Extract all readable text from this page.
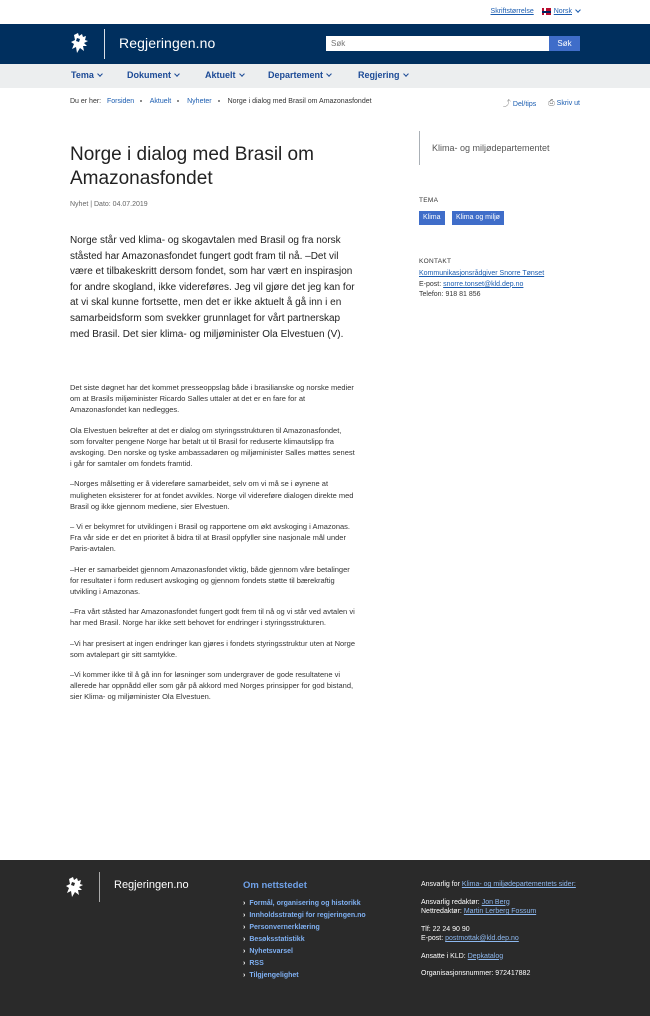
Skriftstørrelse	Norsk
Regjeringen.no
Søk	Søk
Tema	Dokument	Aktuelt	Departement	Regjering
Du er her: Forsiden Aktuelt Nyheter Norge i dialog med Brasil om Amazonasfondet	⤴ Del/tips ⎙ Skriv ut
Norge i dialog med Brasil om Amazonasfondet
Nyhet | Dato: 04.07.2019
Norge står ved klima- og skogavtalen med Brasil og fra norsk ståsted har Amazonasfondet fungert godt fram til nå. –Det vil være et tilbakeskritt dersom fondet, som har vært en inspirasjon for andre skogland, ikke videreføres. Jeg vil gjøre det jeg kan for at vi skal kunne fortsette, men det er ikke aktuelt å gå inn i en samarbeidsform som svekker grunnlaget for vårt partnerskap med Brasil. Det sier klima- og miljøminister Ola Elvestuen (V).

Det siste døgnet har det kommet presseoppslag både i brasilianske og norske medier om at Brasils miljøminister Ricardo Salles uttaler at det er en fare for at Amazonasfondet kan nedlegges.

Ola Elvestuen bekrefter at det er dialog om styringsstrukturen til Amazonasfondet, som forvalter pengene Norge har betalt ut til Brasil for reduserte klimautslipp fra avskoging. Den norske og tyske ambassadøren og miljøminister Salles møttes senest i går for samtaler om fondets framtid.

–Norges målsetting er å videreføre samarbeidet, selv om vi må se i øynene at muligheten eksisterer for at fondet avvikles. Norge vil videreføre dialogen direkte med Brasil og ikke gjennom mediene, sier Elvestuen.

– Vi er bekymret for utviklingen i Brasil og rapportene om økt avskoging i Amazonas. Fra vår side er det en prioritet å bidra til at Brasil oppfyller sine nasjonale mål under Paris-avtalen.

–Her er samarbeidet gjennom Amazonasfondet viktig, både gjennom våre betalinger for resultater i form redusert avskoging og gjennom fondets støtte til bærekraftig utvikling i Amazonas.

–Fra vårt ståsted har Amazonasfondet fungert godt frem til nå og vi står ved avtalen vi har med Brasil. Norge har ikke sett behovet for endringer i styringsstrukturen.

–Vi har presisert at ingen endringer kan gjøres i fondets styringsstruktur uten at Norge som avtalepart gir sitt samtykke.

–Vi kommer ikke til å gå inn for løsninger som undergraver de gode resultatene vi allerede har oppnådd eller som går på akkord med Norges prinsipper for god bistand, sier Klima- og miljøminister Ola Elvestuen.

Klima- og miljødepartementet
TEMA
Klima	Klima og miljø
KONTAKT
Kommunikasjonsrådgiver Snorre Tønset
E-post: snorre.tonset@kld.dep.no
Telefon: 918 81 856
Regjeringen.no	Om nettstedet
› Formål, organisering og historikk
› Innholdsstrategi for regjeringen.no
› Personvernerklæring
› Besøksstatistikk
› Nyhetsvarsel
› RSS
› Tilgjengelighet
Ansvarlig for Klima- og miljødepartementets sider:
Ansvarlig redaktør: Jon Berg
Nettredaktør: Martin Lerberg Fossum
Tlf: 22 24 90 90
E-post: postmottak@kld.dep.no
Ansatte i KLD: Depkatalog
Organisasjonsnummer: 972417882
